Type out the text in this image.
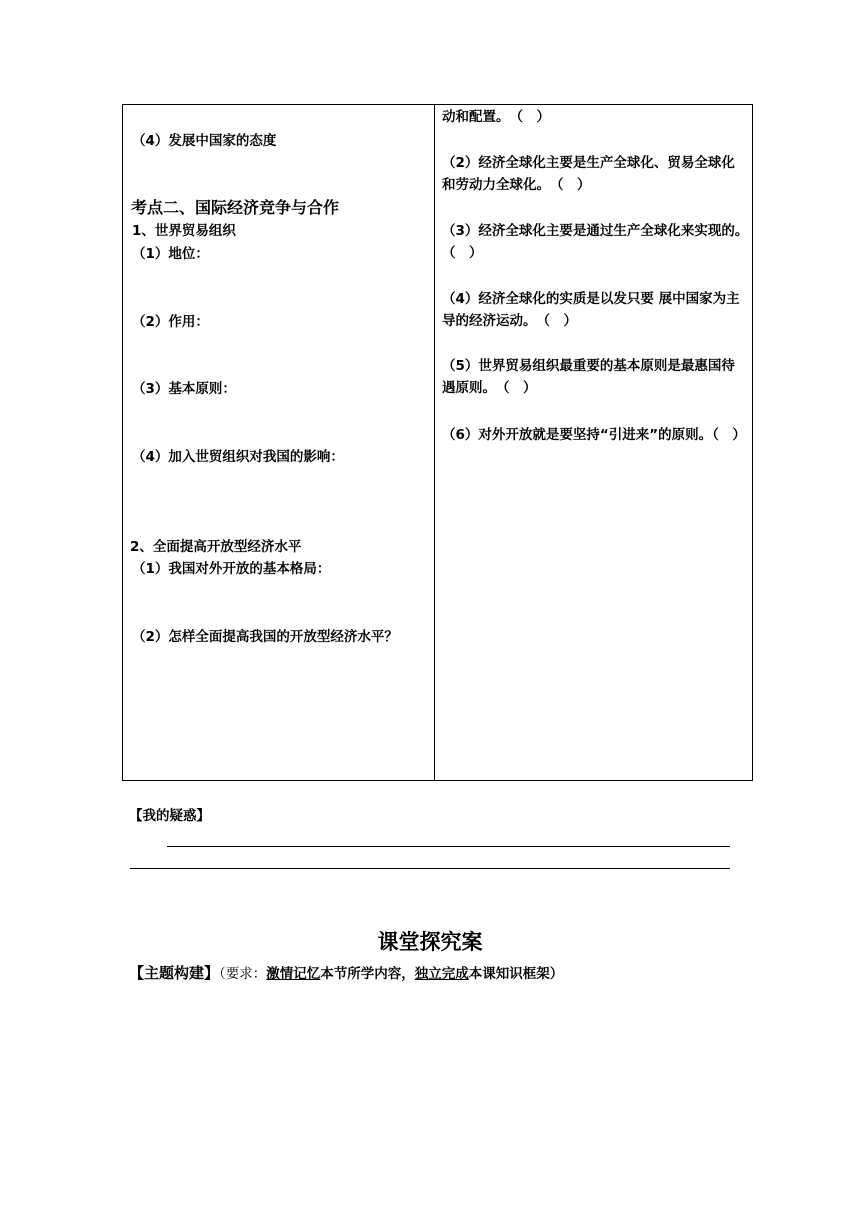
（4）发展中国家的态度
考点二、国际经济竞争与合作
1、世界贸易组织
（1）地位：
（2）作用：
（3）基本原则：
（4）加入世贸组织对我国的影响：
2、全面提高开放型经济水平
（1）我国对外开放的基本格局：
（2）怎样全面提高我国的开放型经济水平？
动和配置。　（　）
（2）经济全球化主要是生产全球化、贸易全球化和劳动力全球化。　（　）
（3）经济全球化主要是通过生产全球化来实现的。　（　）
（4）经济全球化的实质是以发只要 展中国家为主导的经济运动。　（　）
（5）世界贸易组织最重要的基本原则是最惠国待遇原则。　（　）
（6）对外开放就是要坚持“引进来”的原则。（　）
【我的疑惑】
课堂探究案
【主题构建】（要求：激情记忆本节所学内容，独立完成本课知识框架）
